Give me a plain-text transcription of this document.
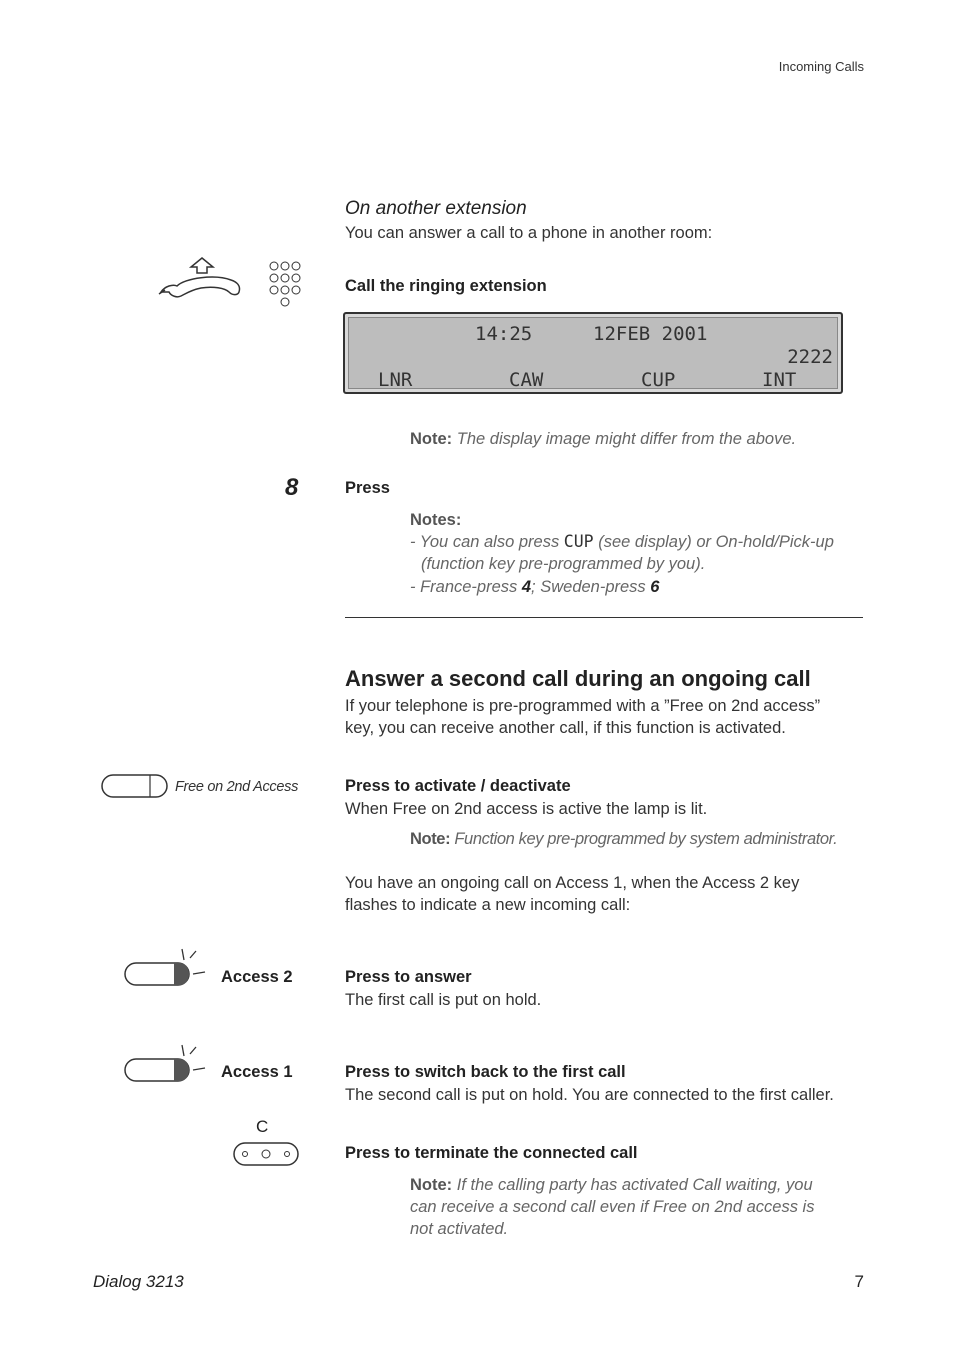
Incoming Calls
On another extension
You can answer a call to a phone in another room:
Call the ringing extension
14:25	12FEB 2001
2222
LNR	CAW	CUP	INT
Note: The display image might differ from the above.
8	Press
Notes:
- You can also press CUP (see display) or On-hold/Pick-up
(function key pre-programmed by you).
- France-press 4; Sweden-press 6
Answer a second call during an ongoing call
If your telephone is pre-programmed with a ”Free on 2nd access”
key, you can receive another call, if this function is activated.
Free on 2nd Access	Press to activate / deactivate
When Free on 2nd access is active the lamp is lit.
Note: Function key pre-programmed by system administrator.
You have an ongoing call on Access 1, when the Access 2 key
flashes to indicate a new incoming call:
Access 2	Press to answer
The first call is put on hold.
Access 1	Press to switch back to the first call
The second call is put on hold. You are connected to the first caller.
C
Press to terminate the connected call
Note: If the calling party has activated Call waiting, you
can receive a second call even if Free on 2nd access is
not activated.
Dialog 3213	7
